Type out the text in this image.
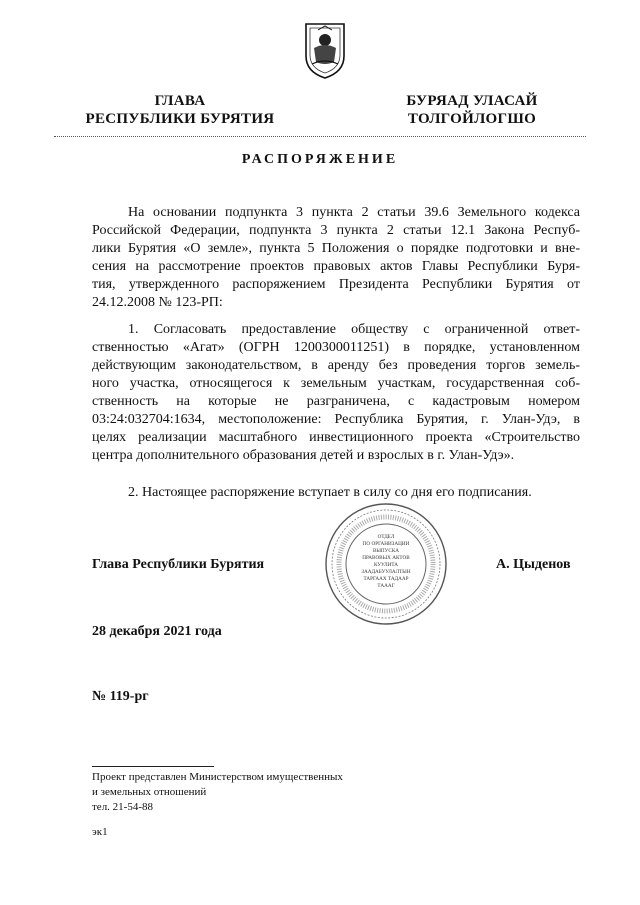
ГЛАВА
РЕСПУБЛИКИ БУРЯТИЯ
БУРЯАД УЛАСАЙ
ТОЛГОЙЛОГШО
РАСПОРЯЖЕНИЕ
На основании подпункта 3 пункта 2 статьи 39.6 Земельного кодекса
Российской Федерации, подпункта 3 пункта 2 статьи 12.1 Закона Респуб-
лики Бурятия «О земле», пункта 5 Положения о порядке подготовки и вне-
сения на рассмотрение проектов правовых актов Главы Республики Буря-
тия, утвержденного распоряжением Президента Республики Бурятия от
24.12.2008 № 123-РП:
1. Согласовать предоставление обществу с ограниченной ответ-
ственностью «Агат» (ОГРН 1200300011251) в порядке, установленном
действующим законодательством, в аренду без проведения торгов земель-
ного участка, относящегося к земельным участкам, государственная соб-
ственность на которые не разграничена, с кадастровым номером
03:24:032704:1634, местоположение: Республика Бурятия, г. Улан-Удэ, в
целях реализации масштабного инвестиционного проекта «Строительство
центра дополнительного образования детей и взрослых в г. Улан-Удэ».
2. Настоящее распоряжение вступает в силу со дня его подписания.
ОТДЕЛ
ПО ОРГАНИЗАЦИИ
ВЫПУСКА
ПРАВОВЫХ АКТОВ
КУУЛИТА
ЗААДАБУУЛАЛТЫН
ТАРГААХ ТАДААР
ТАААГ
Глава Республики Бурятия	А. Цыденов
28 декабря 2021 года
№ 119-рг
Проект представлен Министерством имущественных
и земельных отношений
тел. 21-54-88
эк1
